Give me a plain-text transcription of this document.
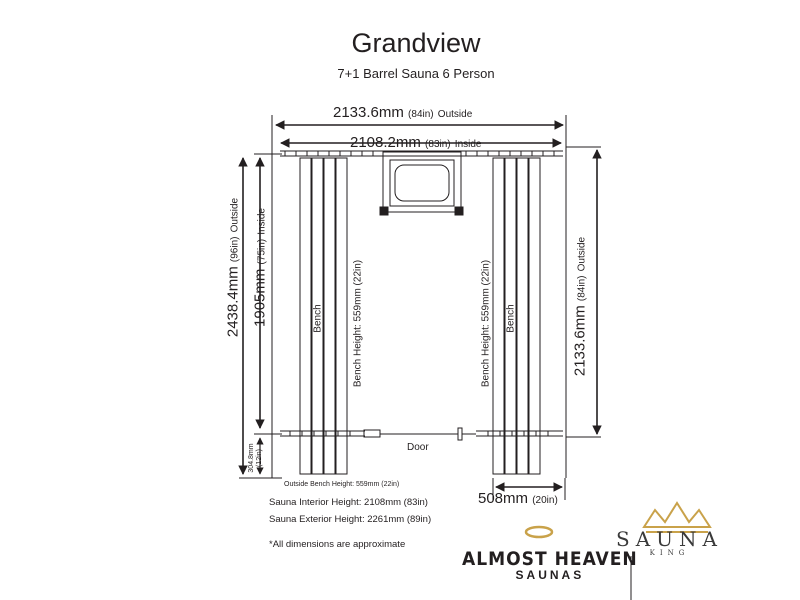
Grandview
7+1 Barrel Sauna 6 Person
2133.6mm (84in) Outside
2108.2mm (83in) Inside
2438.4mm (96in) Outside
1905mm (75in) Inside
304.8mm (12in)
2133.6mm (84in) Outside
Bench	Bench
Bench Height: 559mm (22in)	Bench Height: 559mm (22in)
Door
Outside Bench Height: 559mm (22in)
508mm (20in)
Sauna Interior Height: 2108mm (83in)
Sauna Exterior Height: 2261mm (89in)
*All dimensions are approximate
ALMOST HEAVEN
SAUNAS
SAUNA
KING
